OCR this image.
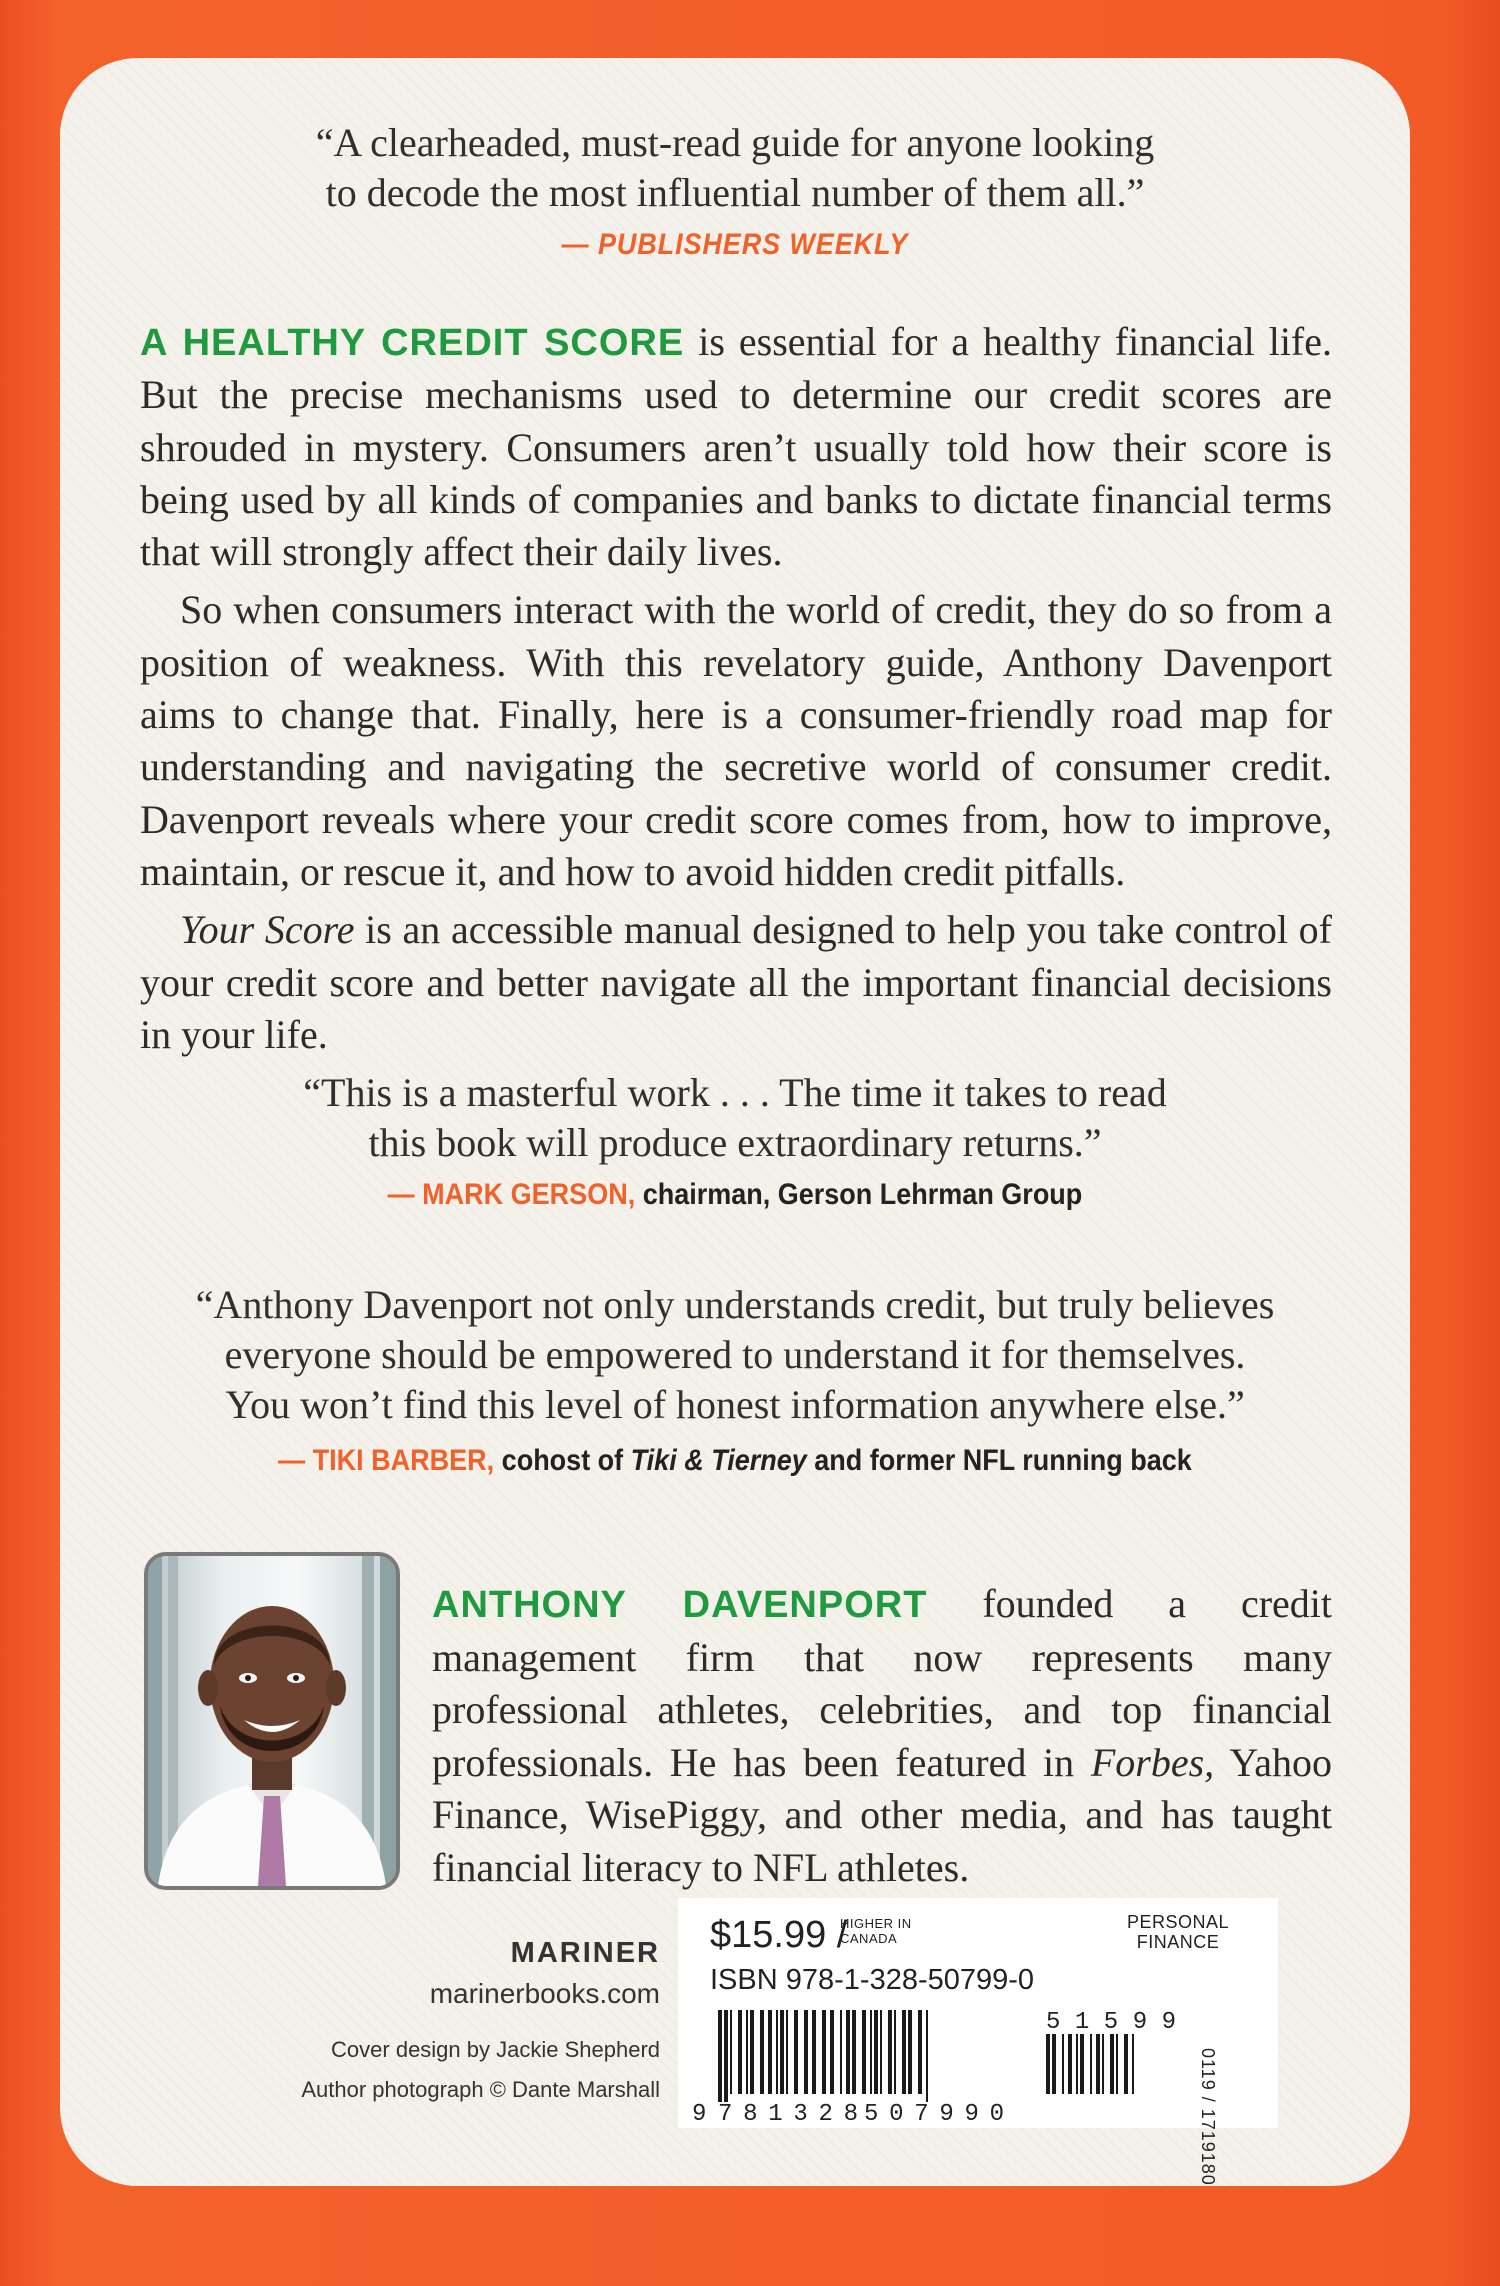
“A clearheaded, must-read guide for anyone looking
to decode the most influential number of them all.”
— PUBLISHERS WEEKLY

A HEALTHY CREDIT SCORE is essential for a healthy financial life. But the precise mechanisms used to determine our credit scores are shrouded in mystery. Consumers aren’t usually told how their score is being used by all kinds of companies and banks to dictate financial terms that will strongly affect their daily lives.

So when consumers interact with the world of credit, they do so from a position of weakness. With this revelatory guide, Anthony Davenport aims to change that. Finally, here is a consumer-friendly road map for understanding and navigating the secretive world of consumer credit. Davenport reveals where your credit score comes from, how to improve, maintain, or rescue it, and how to avoid hidden credit pitfalls.

Your Score is an accessible manual designed to help you take control of your credit score and better navigate all the important financial decisions in your life.

“This is a masterful work . . . The time it takes to read
this book will produce extraordinary returns.”
— MARK GERSON, chairman, Gerson Lehrman Group
“Anthony Davenport not only understands credit, but truly believes
everyone should be empowered to understand it for themselves.
You won’t find this level of honest information anywhere else.”
— TIKI BARBER, cohost of Tiki & Tierney and former NFL running back
ANTHONY DAVENPORT founded a credit management firm that now represents many professional athletes, celebrities, and top financial professionals. He has been featured in Forbes, Yahoo Finance, WisePiggy, and other media, and has taught financial literacy to NFL athletes.
MARINER
marinerbooks.com
Cover design by Jackie Shepherd
Author photograph © Dante Marshall
$15.99 /
HIGHER IN
CANADA
PERSONAL
FINANCE
ISBN 978-1-328-50799-0
9 781328 507990
51599
0119 / 1719180
